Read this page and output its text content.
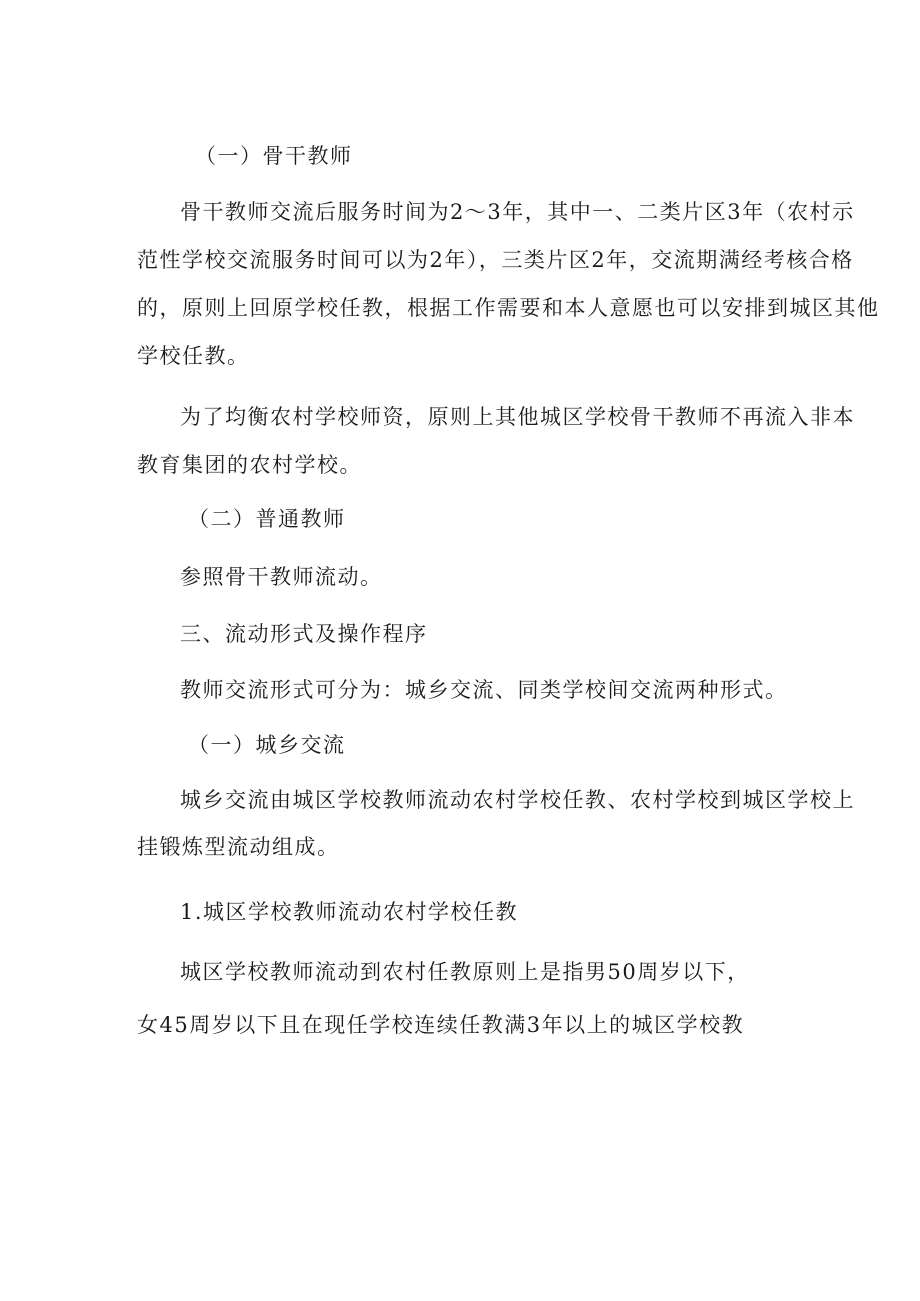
（一）骨干教师
骨干教师交流后服务时间为2～3年，其中一、二类片区3年（农村示
范性学校交流服务时间可以为2年），三类片区2年，交流期满经考核合格
的，原则上回原学校任教，根据工作需要和本人意愿也可以安排到城区其他
学校任教。
为了均衡农村学校师资，原则上其他城区学校骨干教师不再流入非本
教育集团的农村学校。
（二）普通教师
参照骨干教师流动。
三、流动形式及操作程序
教师交流形式可分为：城乡交流、同类学校间交流两种形式。
（一）城乡交流
城乡交流由城区学校教师流动农村学校任教、农村学校到城区学校上
挂锻炼型流动组成。
1.城区学校教师流动农村学校任教
城区学校教师流动到农村任教原则上是指男50周岁以下，
女45周岁以下且在现任学校连续任教满3年以上的城区学校教
